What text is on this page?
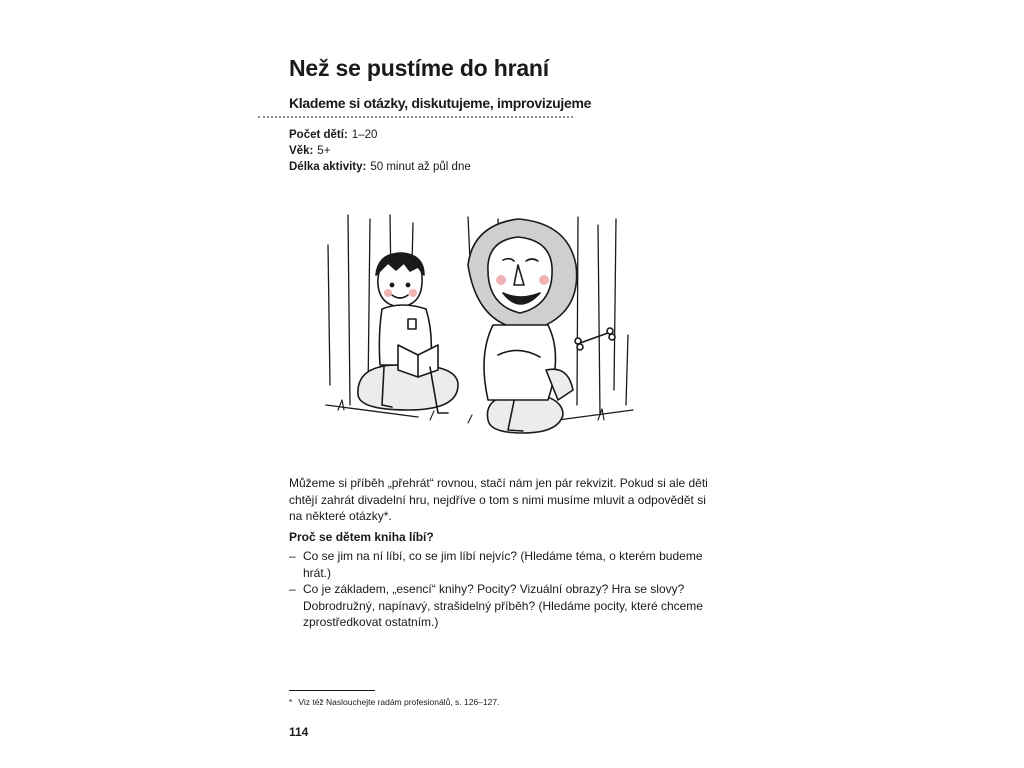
Než se pustíme do hraní
Klademe si otázky, diskutujeme, improvizujeme
Počet dětí: 1–20
Věk: 5+
Délka aktivity: 50 minut až půl dne

Můžeme si příběh „přehrát“ rovnou, stačí nám jen pár rekvizit. Pokud si ale děti chtějí zahrát divadelní hru, nejdříve o tom s nimi musíme mluvit a odpovědět si na některé otázky*.

Proč se dětem kniha líbí?
– Co se jim na ní líbí, co se jim líbí nejvíc? (Hledáme téma, o kterém budeme hrát.)
– Co je základem, „esencí“ knihy? Pocity? Vizuální obrazy? Hra se slovy? Dobrodružný, napínavý, strašidelný příběh? (Hledáme pocity, které chceme zprostředkovat ostatním.)
* Viz též Naslouchejte radám profesionálů, s. 126–127.
114
